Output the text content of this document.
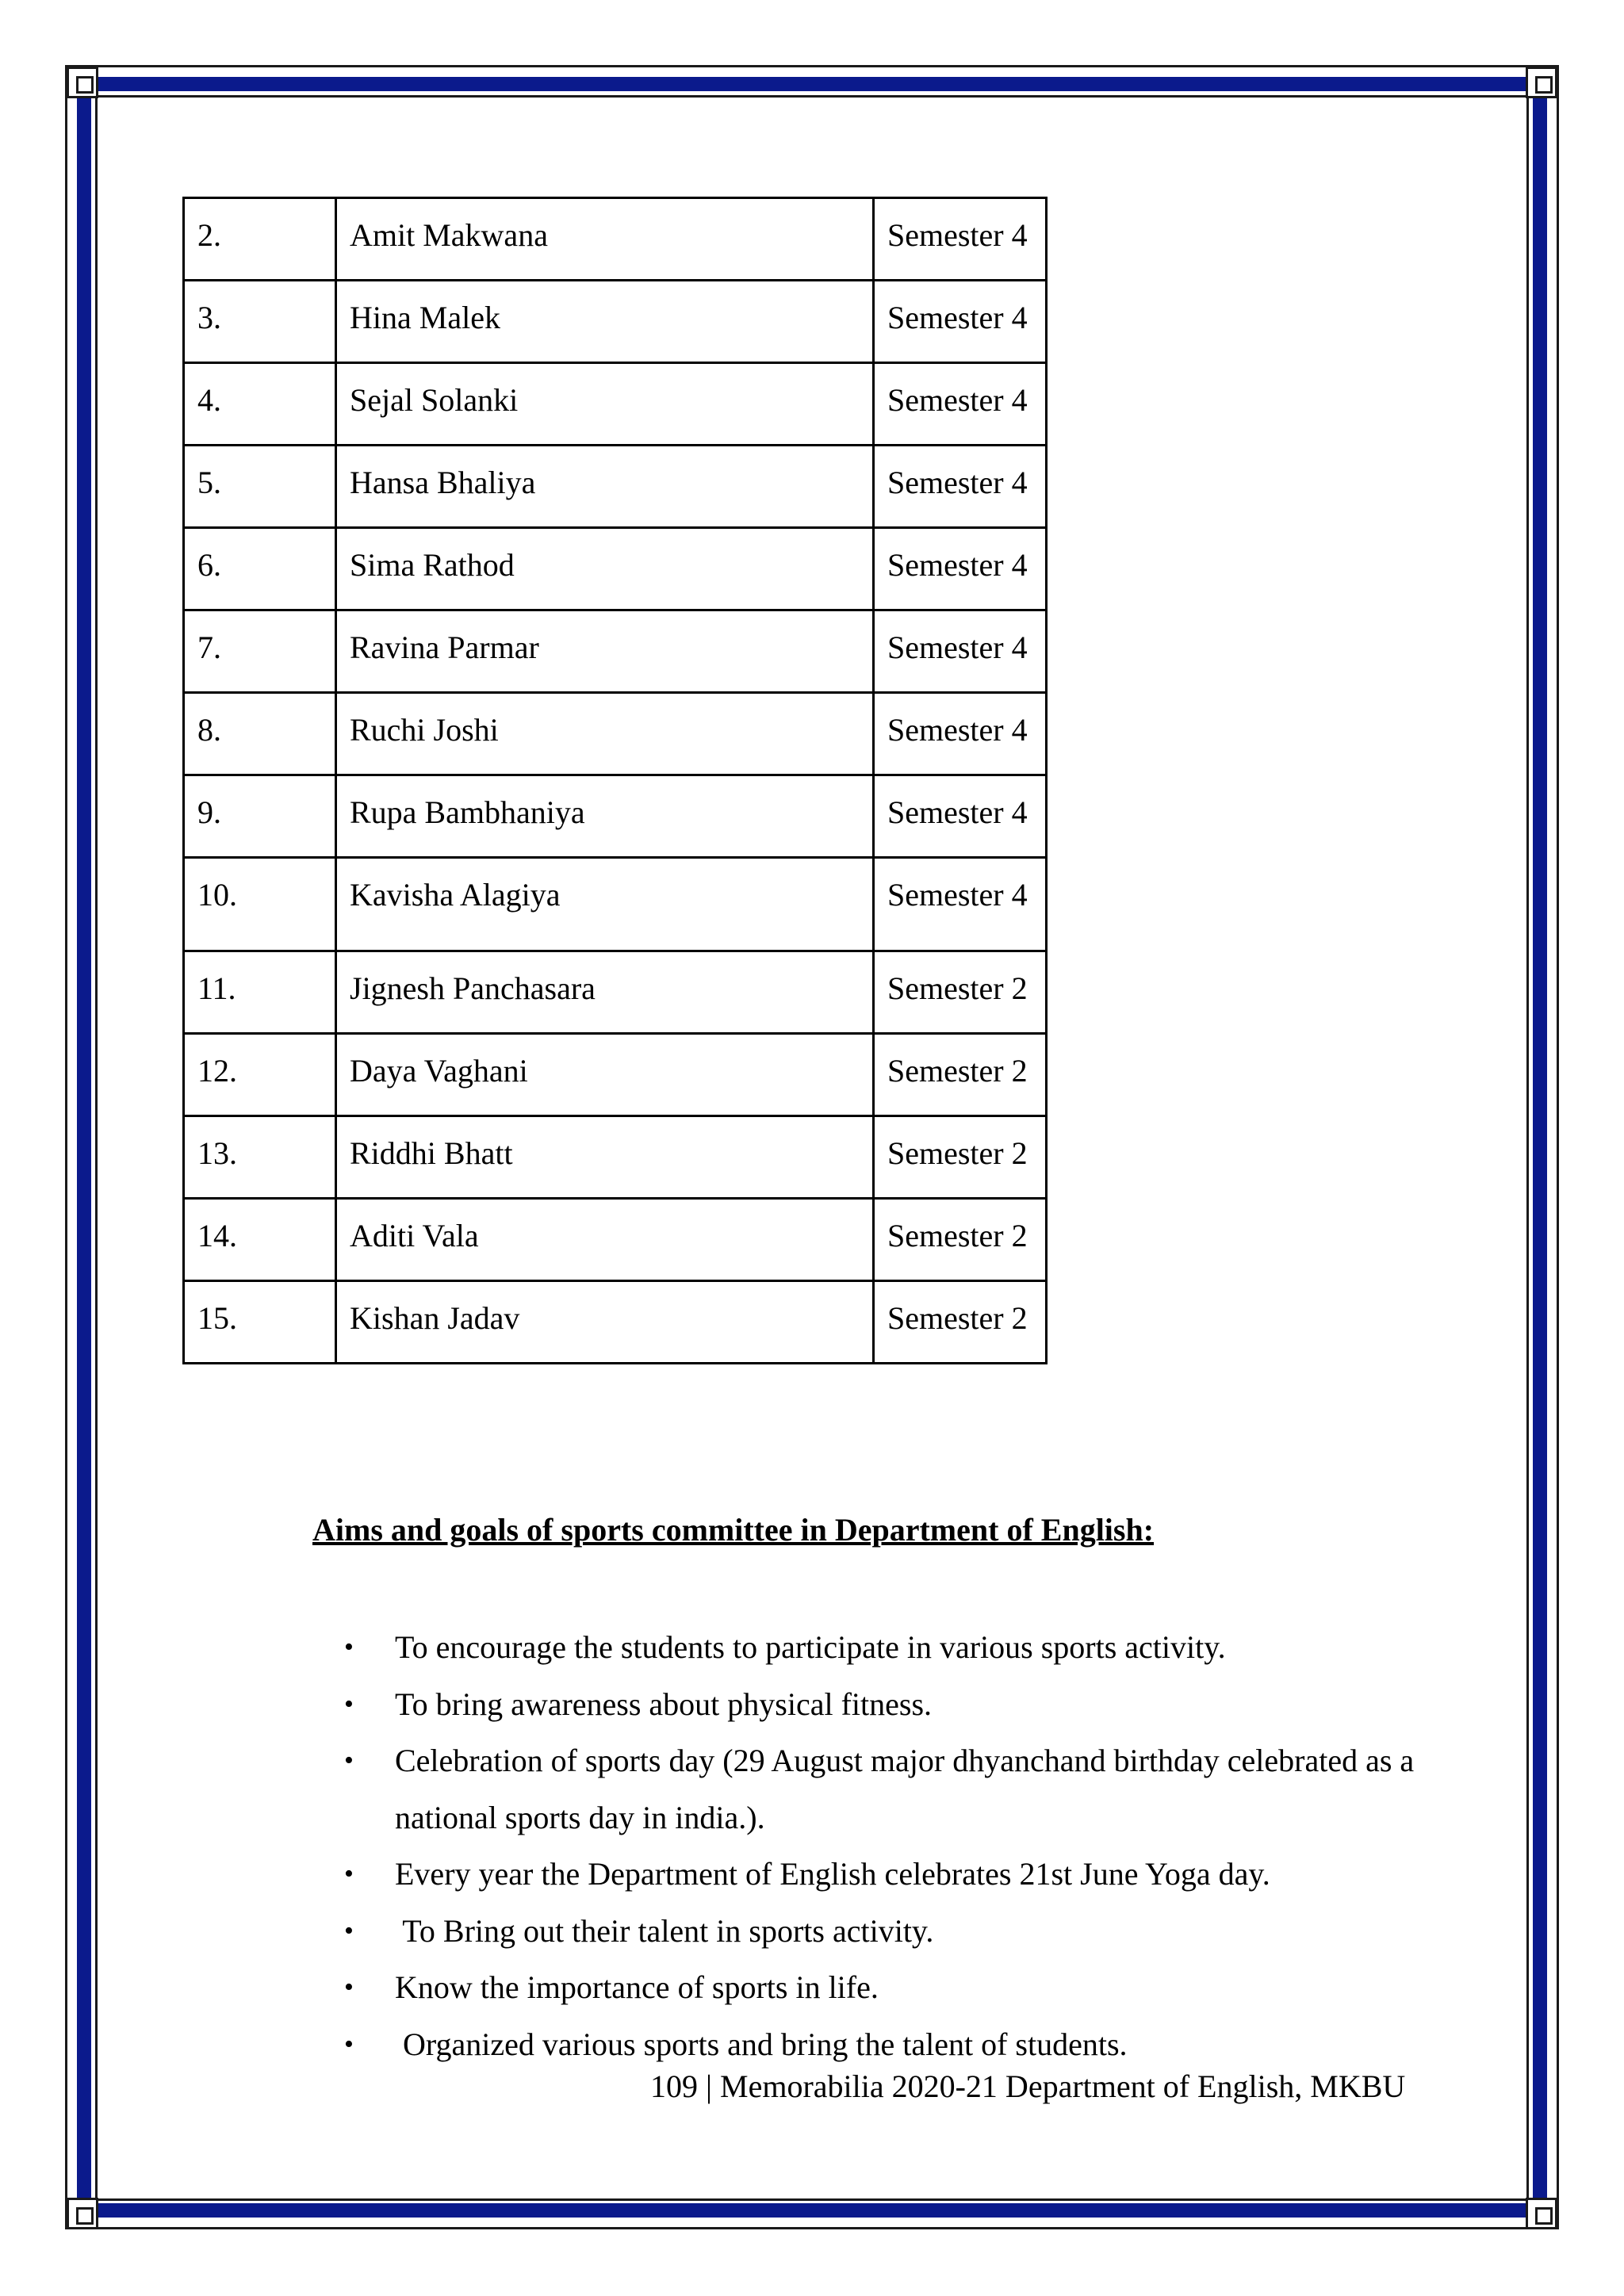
2.	Amit Makwana	Semester 4
3.	Hina Malek	Semester 4
4.	Sejal Solanki	Semester 4
5.	Hansa Bhaliya	Semester 4
6.	Sima Rathod	Semester 4
7.	Ravina Parmar	Semester 4
8.	Ruchi Joshi	Semester 4
9.	Rupa Bambhaniya	Semester 4
10.	Kavisha Alagiya	Semester 4
11.	Jignesh Panchasara	Semester 2
12.	Daya Vaghani	Semester 2
13.	Riddhi Bhatt	Semester 2
14.	Aditi Vala	Semester 2
15.	Kishan Jadav	Semester 2
Aims and goals of sports committee in Department of English:
• To encourage the students to participate in various sports activity.
• To bring awareness about physical fitness.
• Celebration of sports day (29 August major dhyanchand birthday celebrated as a national sports day in india.).
• Every year the Department of English celebrates 21st June Yoga day.
• To Bring out their talent in sports activity.
• Know the importance of sports in life.
• Organized various sports and bring the talent of students.
109 | Memorabilia 2020-21 Department of English, MKBU
